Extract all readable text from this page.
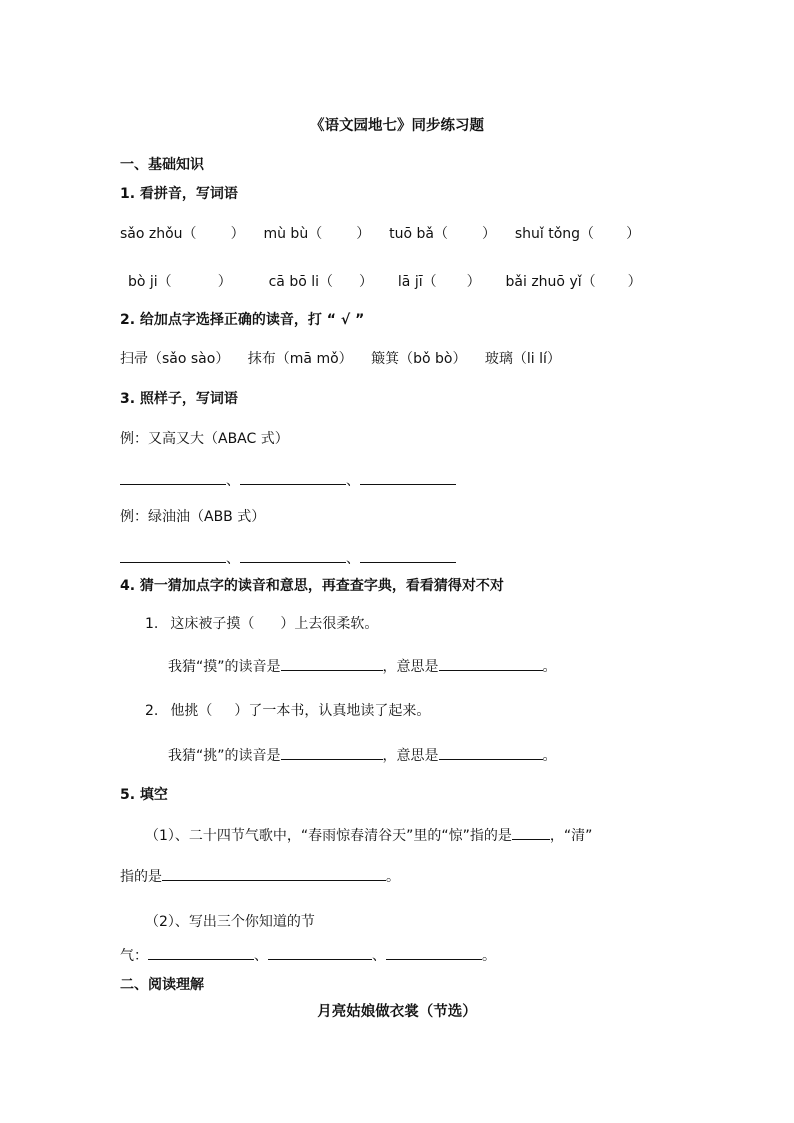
《语文园地七》同步练习题
一、基础知识
1. 看拼音，写词语
sǎo zhǒu（ ） mù bù（ ） tuō bǎ（ ） shuǐ tǒng（ ）
bò ji（	）	cā bō li（ ） lā jī（ ） bǎi zhuō yǐ（ ）
2. 给加点字选择正确的读音，打 “ √ ”
扫帚（sǎo sào） 抹布（mā mǒ） 簸箕（bǒ bò） 玻璃（li lí）
3. 照样子，写词语
例：又高又大（ABAC 式）
、	、
例：绿油油（ABB 式）
、	、
4. 猜一猜加点字的读音和意思，再查查字典，看看猜得对不对
1. 这床被子摸（ ）上去很柔软。
我猜“摸”的读音是	，意思是	。
2. 他挑（ ）了一本书，认真地读了起来。
我猜“挑”的读音是	，意思是	。
5. 填空
（1）、二十四节气歌中，“春雨惊春清谷天”里的“惊”指的是	，“清”
指的是	。
（2）、写出三个你知道的节
气：	、	、	。
二、阅读理解
月亮姑娘做衣裳（节选）
